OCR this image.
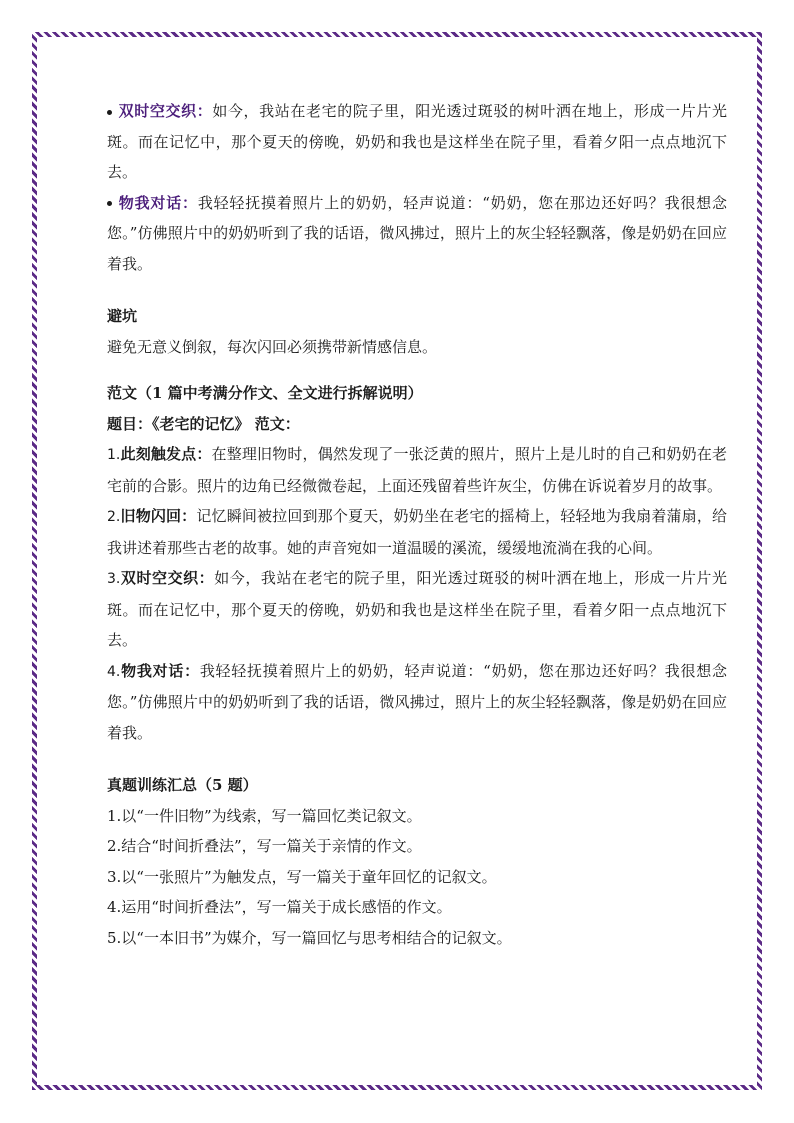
双时空交织：如今，我站在老宅的院子里，阳光透过斑驳的树叶洒在地上，形成一片片光斑。而在记忆中，那个夏天的傍晚，奶奶和我也是这样坐在院子里，看着夕阳一点点地沉下去。

物我对话：我轻轻抚摸着照片上的奶奶，轻声说道：“奶奶，您在那边还好吗？我很想念您。”仿佛照片中的奶奶听到了我的话语，微风拂过，照片上的灰尘轻轻飘落，像是奶奶在回应着我。

避坑

避免无意义倒叙，每次闪回必须携带新情感信息。

范文（1 篇中考满分作文、全文进行拆解说明）

题目：《老宅的记忆》 范文：

1.此刻触发点：在整理旧物时，偶然发现了一张泛黄的照片，照片上是儿时的自己和奶奶在老宅前的合影。照片的边角已经微微卷起，上面还残留着些许灰尘，仿佛在诉说着岁月的故事。

2.旧物闪回：记忆瞬间被拉回到那个夏天，奶奶坐在老宅的摇椅上，轻轻地为我扇着蒲扇，给我讲述着那些古老的故事。她的声音宛如一道温暖的溪流，缓缓地流淌在我的心间。

3.双时空交织：如今，我站在老宅的院子里，阳光透过斑驳的树叶洒在地上，形成一片片光斑。而在记忆中，那个夏天的傍晚，奶奶和我也是这样坐在院子里，看着夕阳一点点地沉下去。

4.物我对话：我轻轻抚摸着照片上的奶奶，轻声说道：“奶奶，您在那边还好吗？我很想念您。”仿佛照片中的奶奶听到了我的话语，微风拂过，照片上的灰尘轻轻飘落，像是奶奶在回应着我。

真题训练汇总（5 题）

1.以“一件旧物”为线索，写一篇回忆类记叙文。

2.结合“时间折叠法”，写一篇关于亲情的作文。

3.以“一张照片”为触发点，写一篇关于童年回忆的记叙文。

4.运用“时间折叠法”，写一篇关于成长感悟的作文。

5.以“一本旧书”为媒介，写一篇回忆与思考相结合的记叙文。
